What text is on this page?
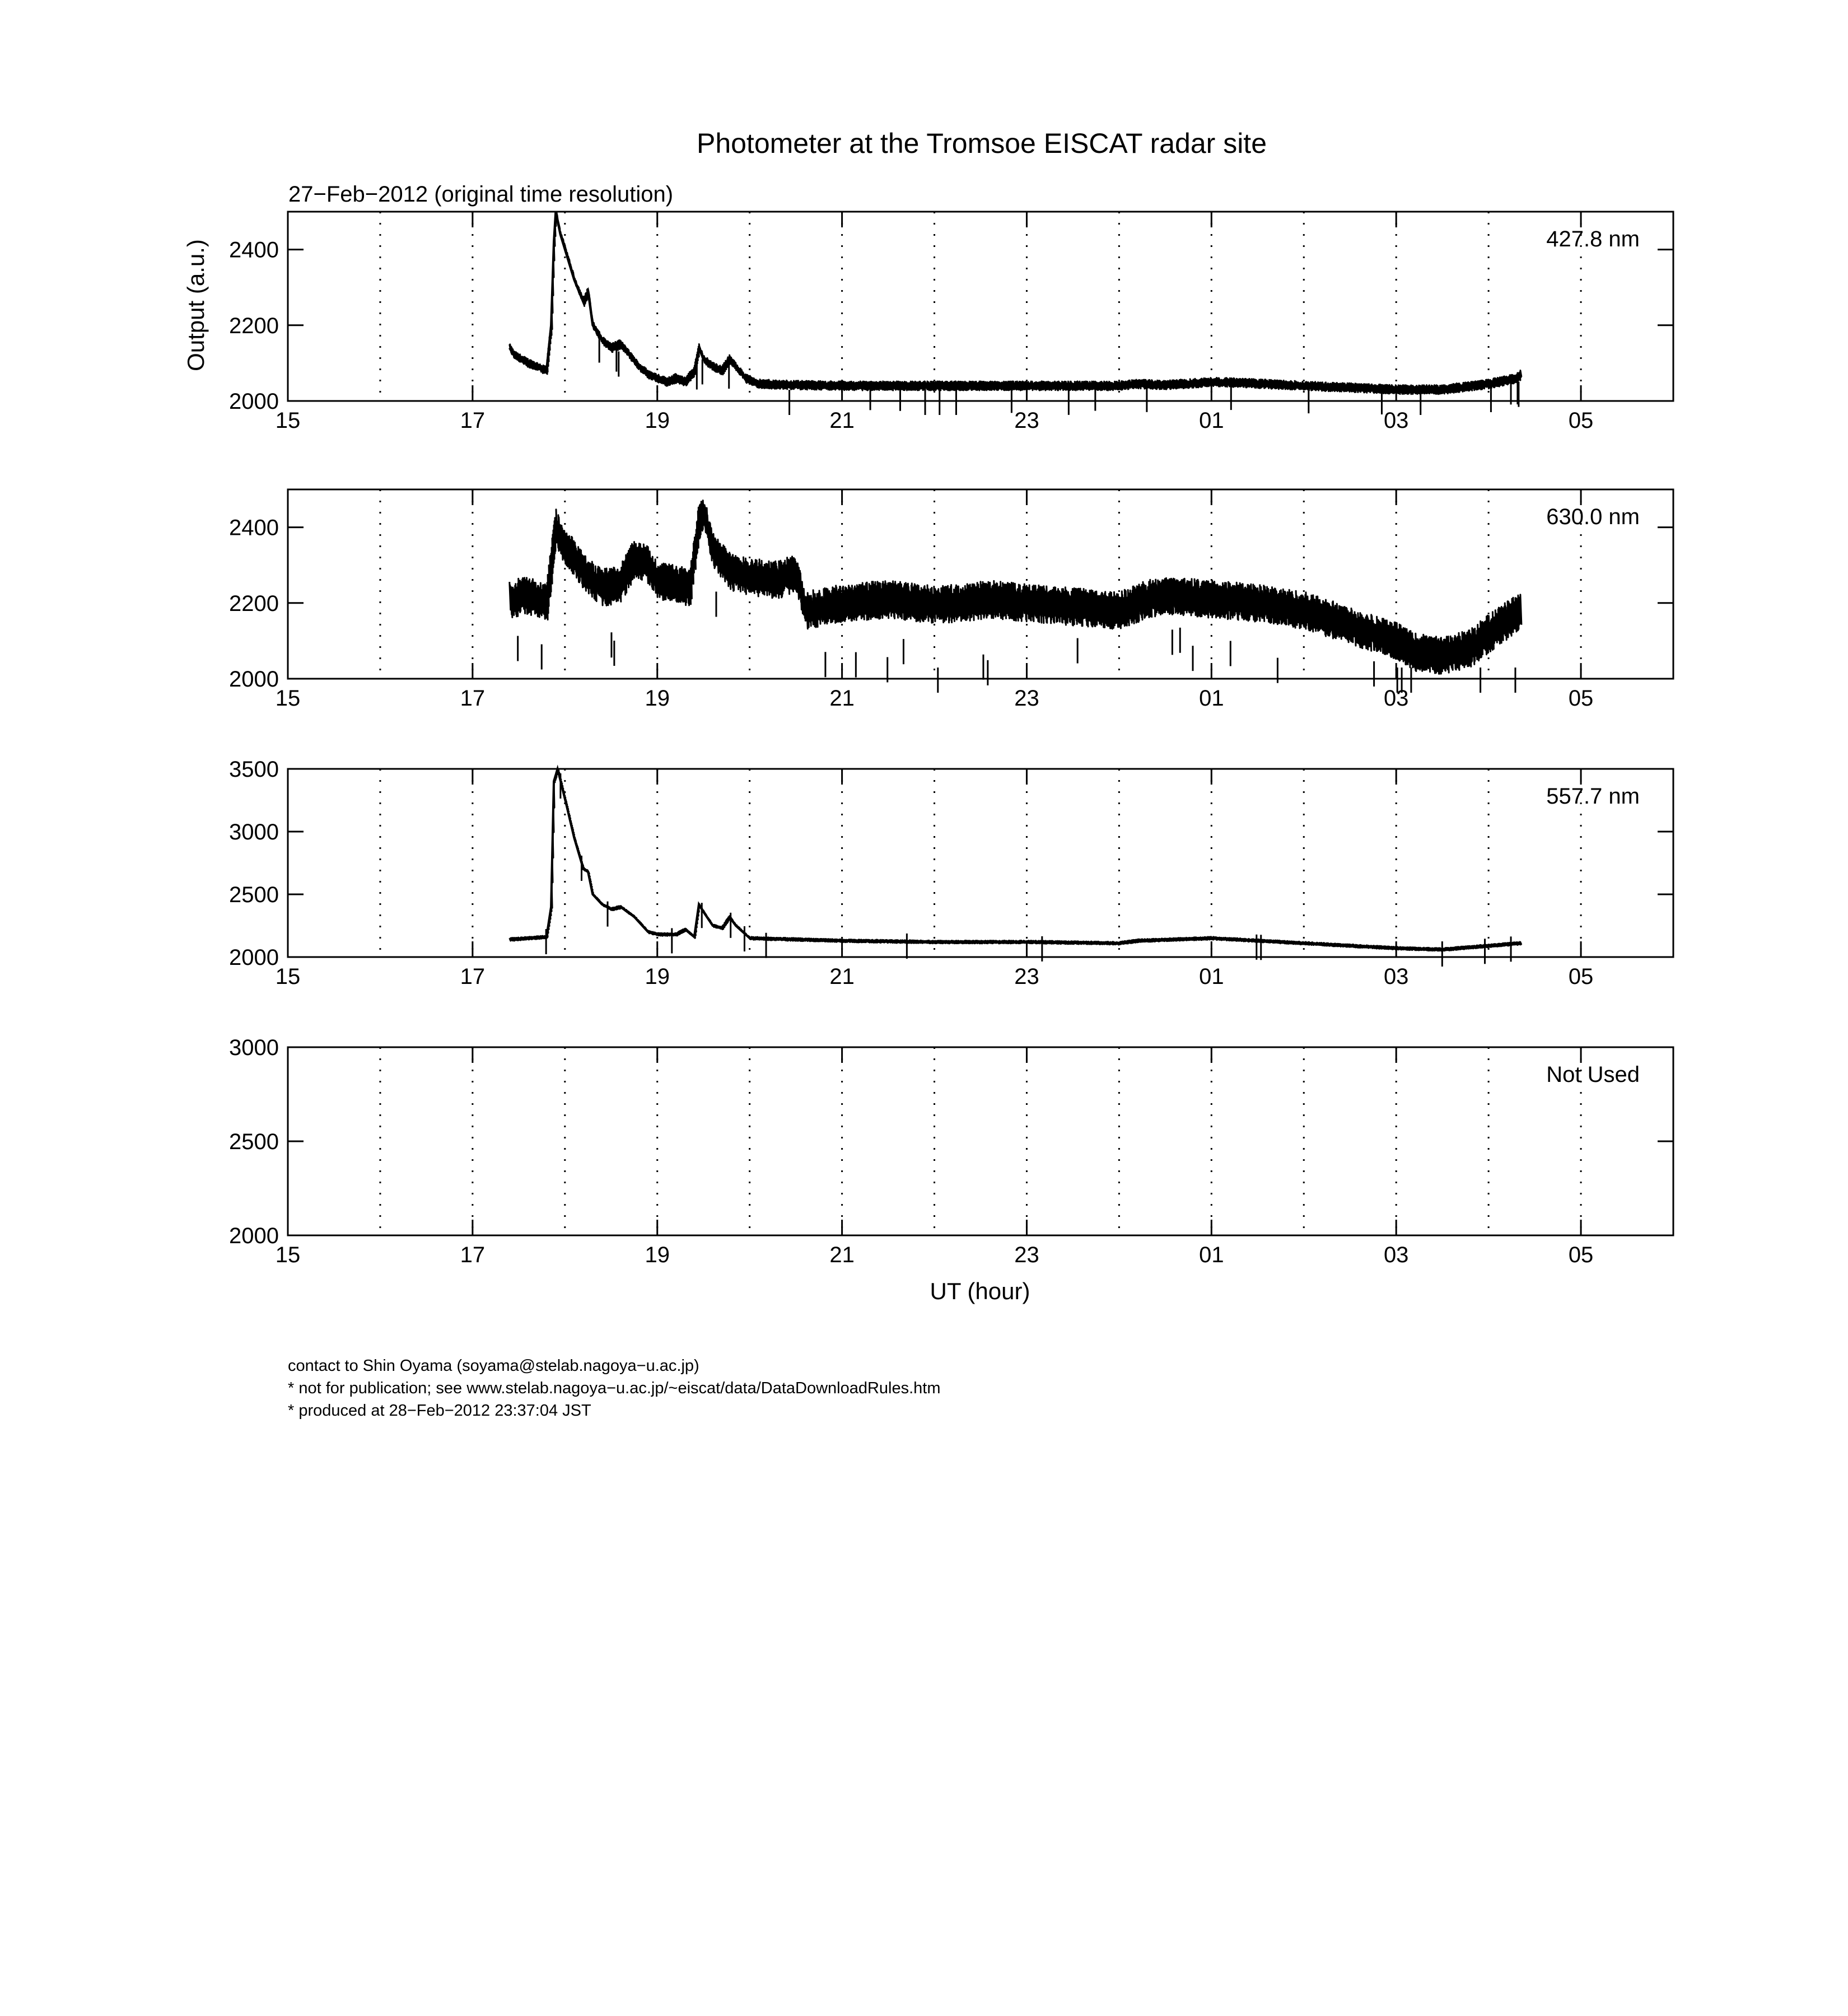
Photometer at the Tromsoe EISCAT radar site
27−Feb−2012 (original time resolution)
Output (a.u.)
2000
2200
2400
15	17	19	21	23	01	03	05
427.8 nm
2000
2200
2400
15	17	19	21	23	01	03	05
630.0 nm
2000
2500
3000
3500
15	17	19	21	23	01	03	05
557.7 nm
2000
2500
3000
15	17	19	21	23	01	03	05
Not Used
UT (hour)
contact to Shin Oyama (soyama@stelab.nagoya−u.ac.jp)
* not for publication; see www.stelab.nagoya−u.ac.jp/~eiscat/data/DataDownloadRules.htm
* produced at 28−Feb−2012 23:37:04 JST
